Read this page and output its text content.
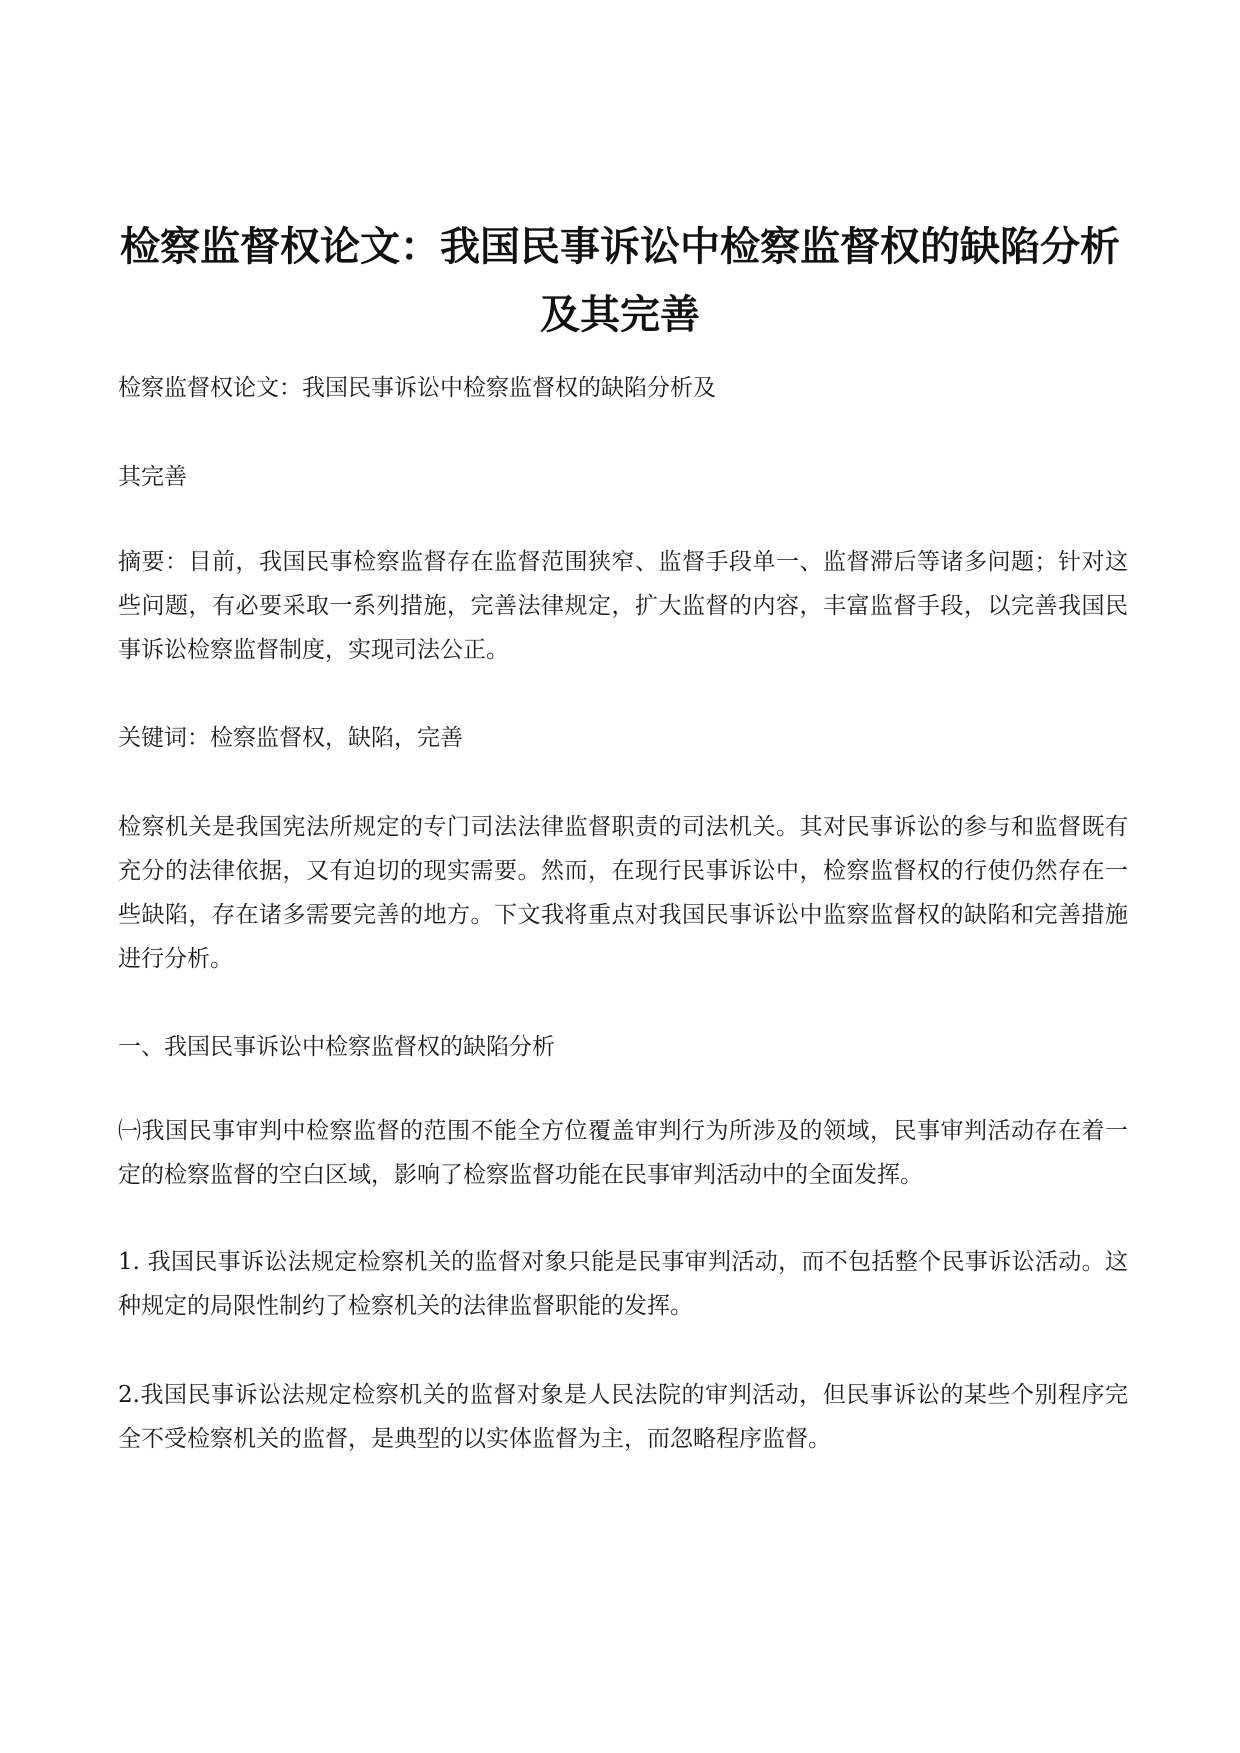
检察监督权论文：我国民事诉讼中检察监督权的缺陷分析及其完善

检察监督权论文：我国民事诉讼中检察监督权的缺陷分析及

其完善

摘要：目前，我国民事检察监督存在监督范围狭窄、监督手段单一、监督滞后等诸多问题；针对这些问题，有必要采取一系列措施，完善法律规定，扩大监督的内容，丰富监督手段，以完善我国民事诉讼检察监督制度，实现司法公正。

关键词：检察监督权，缺陷，完善

检察机关是我国宪法所规定的专门司法法律监督职责的司法机关。其对民事诉讼的参与和监督既有充分的法律依据，又有迫切的现实需要。然而，在现行民事诉讼中，检察监督权的行使仍然存在一些缺陷，存在诸多需要完善的地方。下文我将重点对我国民事诉讼中监察监督权的缺陷和完善措施进行分析。

一、我国民事诉讼中检察监督权的缺陷分析

㈠我国民事审判中检察监督的范围不能全方位覆盖审判行为所涉及的领域，民事审判活动存在着一定的检察监督的空白区域，影响了检察监督功能在民事审判活动中的全面发挥。

1. 我国民事诉讼法规定检察机关的监督对象只能是民事审判活动，而不包括整个民事诉讼活动。这种规定的局限性制约了检察机关的法律监督职能的发挥。

2.我国民事诉讼法规定检察机关的监督对象是人民法院的审判活动，但民事诉讼的某些个别程序完全不受检察机关的监督，是典型的以实体监督为主，而忽略程序监督。
